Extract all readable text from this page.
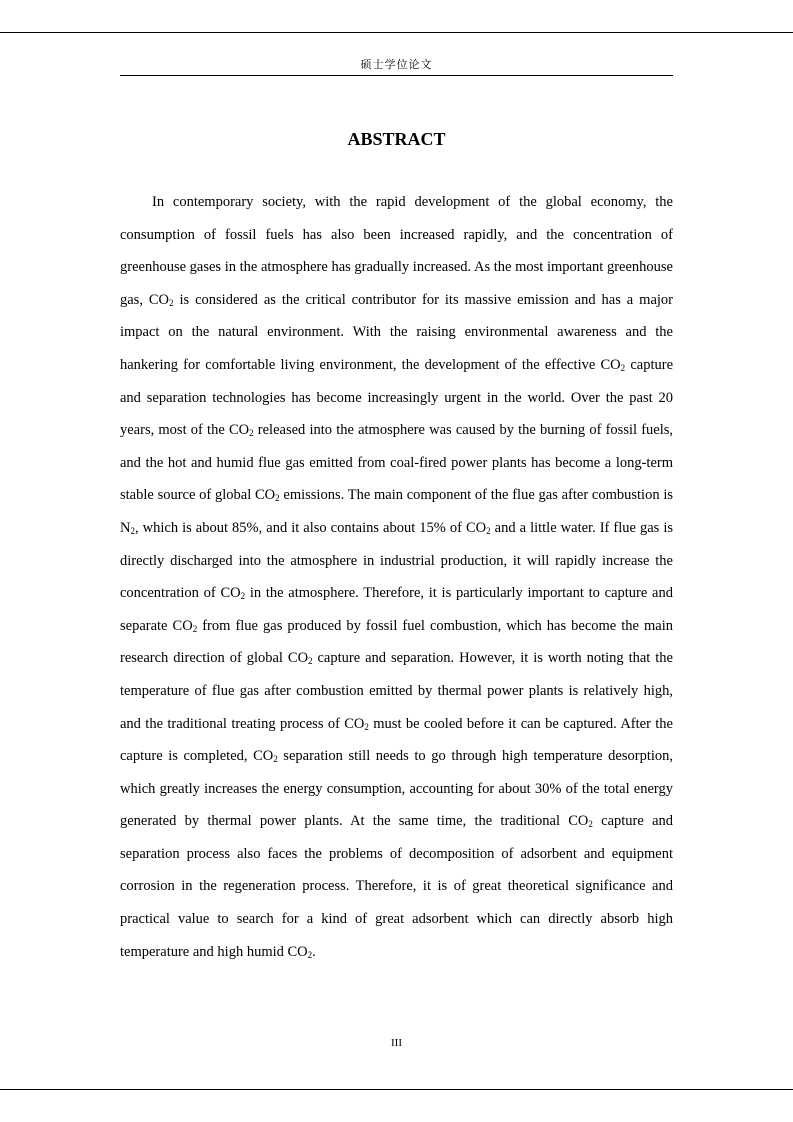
硕士学位论文
ABSTRACT

In contemporary society, with the rapid development of the global economy, the consumption of fossil fuels has also been increased rapidly, and the concentration of greenhouse gases in the atmosphere has gradually increased. As the most important greenhouse gas, $CO_2$ is considered as the critical contributor for its massive emission and has a major impact on the natural environment. With the raising environmental awareness and the hankering for comfortable living environment, the development of the effective $CO_2$ capture and separation technologies has become increasingly urgent in the world. Over the past 20 years, most of the $CO_2$ released into the atmosphere was caused by the burning of fossil fuels, and the hot and humid flue gas emitted from coal-fired power plants has become a long-term stable source of global $CO_2$ emissions. The main component of the flue gas after combustion is $N_2$, which is about 85%, and it also contains about 15% of $CO_2$ and a little water. If flue gas is directly discharged into the atmosphere in industrial production, it will rapidly increase the concentration of $CO_2$ in the atmosphere. Therefore, it is particularly important to capture and separate $CO_2$ from flue gas produced by fossil fuel combustion, which has become the main research direction of global $CO_2$ capture and separation. However, it is worth noting that the temperature of flue gas after combustion emitted by thermal power plants is relatively high, and the traditional treating process of $CO_2$ must be cooled before it can be captured. After the capture is completed, $CO_2$ separation still needs to go through high temperature desorption, which greatly increases the energy consumption, accounting for about 30% of the total energy generated by thermal power plants. At the same time, the traditional $CO_2$ capture and separation process also faces the problems of decomposition of adsorbent and equipment corrosion in the regeneration process. Therefore, it is of great theoretical significance and practical value to search for a kind of great adsorbent which can directly absorb high temperature and high humid $CO_2$.

III
